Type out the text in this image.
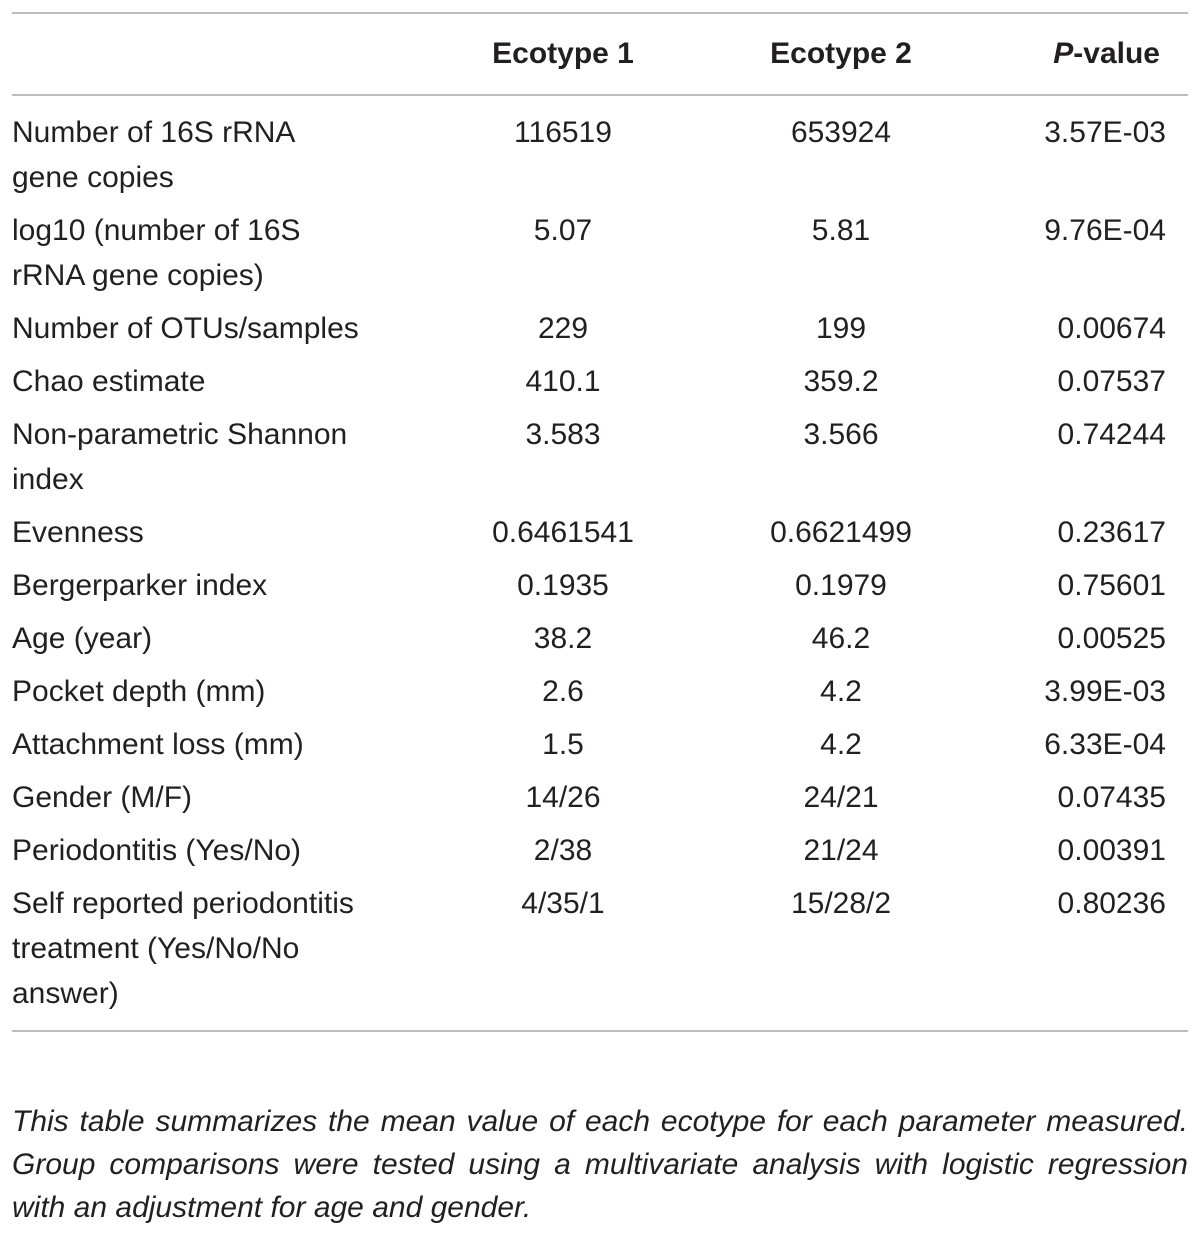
	Ecotype 1	Ecotype 2	P-value
Number of 16S rRNA gene copies	116519	653924	3.57E-03
log10 (number of 16S rRNA gene copies)	5.07	5.81	9.76E-04
Number of OTUs/samples	229	199	0.00674
Chao estimate	410.1	359.2	0.07537
Non-parametric Shannon index	3.583	3.566	0.74244
Evenness	0.6461541	0.6621499	0.23617
Bergerparker index	0.1935	0.1979	0.75601
Age (year)	38.2	46.2	0.00525
Pocket depth (mm)	2.6	4.2	3.99E-03
Attachment loss (mm)	1.5	4.2	6.33E-04
Gender (M/F)	14/26	24/21	0.07435
Periodontitis (Yes/No)	2/38	21/24	0.00391
Self reported periodontitis treatment (Yes/No/No answer)	4/35/1	15/28/2	0.80236

This table summarizes the mean value of each ecotype for each parameter measured. Group comparisons were tested using a multivariate analysis with logistic regression with an adjustment for age and gender.
